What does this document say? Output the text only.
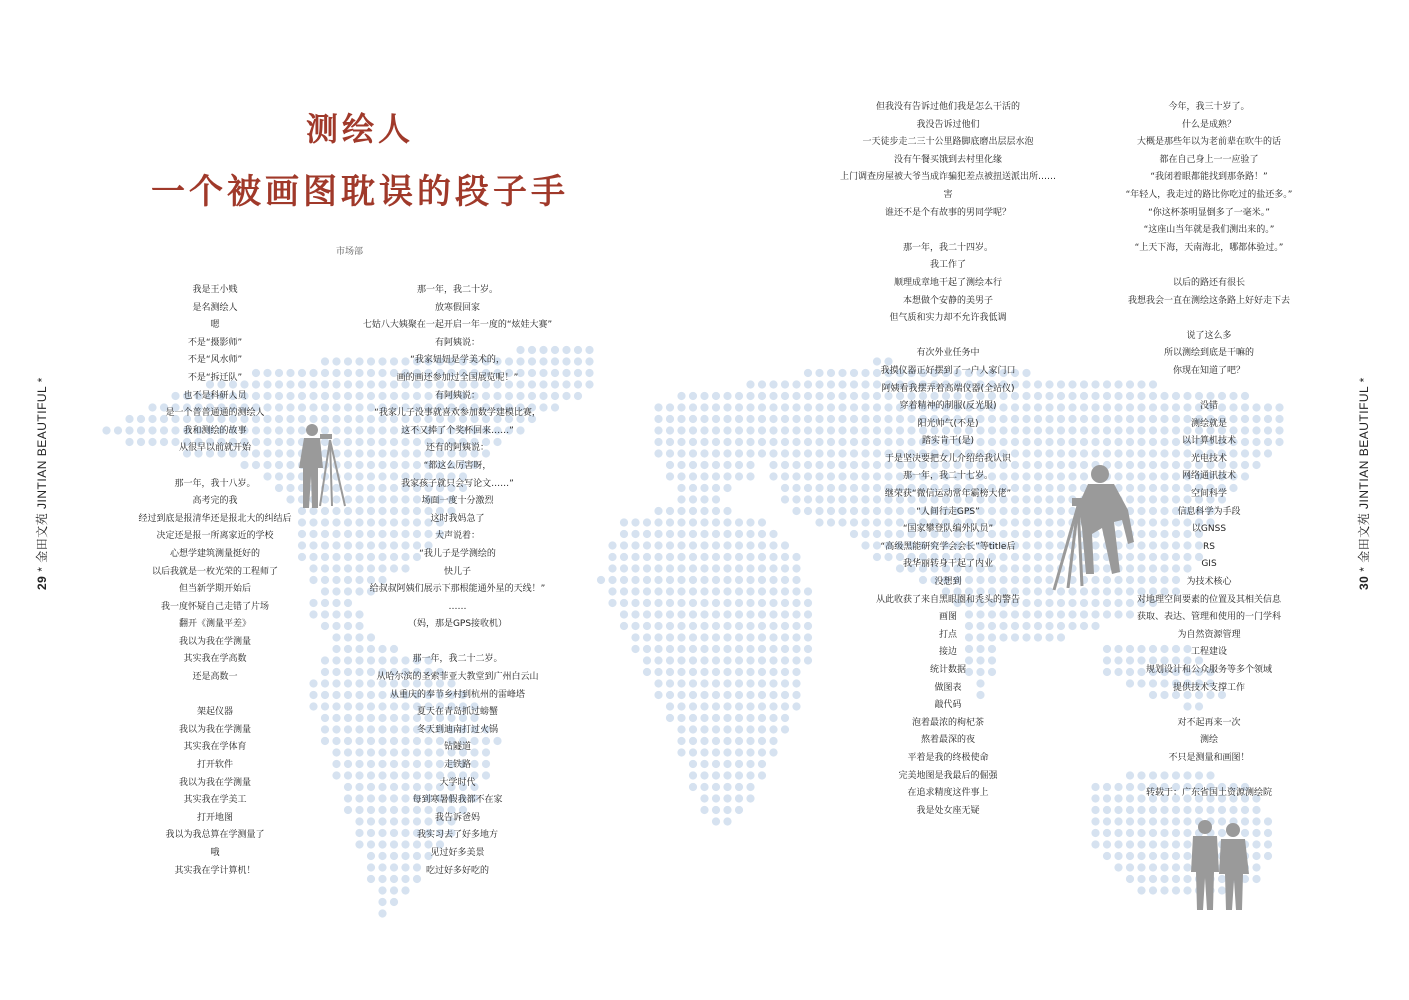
29 * 金田文苑 JINTIAN BEAUTIFUL *
30 * 金田文苑 JINTIAN BEAUTIFUL *
测绘人
一个被画图耽误的段子手
市场部
我是王小贱
是名测绘人
嗯
不是“摄影师”
不是“风水师”
不是“拆迁队”
也不是科研人员
是一个普普通通的测绘人
我和测绘的故事
从很早以前就开始
那一年，我十八岁。
高考完的我
经过到底是报清华还是报北大的纠结后
决定还是报一所离家近的学校
心想学建筑测量挺好的
以后我就是一枚光荣的工程师了
但当新学期开始后
我一度怀疑自己走错了片场
翻开《测量平差》
我以为我在学测量
其实我在学高数
还是高数一
架起仪器
我以为我在学测量
其实我在学体育
打开软件
我以为我在学测量
其实我在学美工
打开地图
我以为我总算在学测量了
哦
其实我在学计算机！
那一年，我二十岁。
放寒假回家
七姑八大姨聚在一起开启一年一度的“炫娃大赛”
有阿姨说：
“我家妞妞是学美术的，
画的画还参加过全国展览呢！”
有阿姨说：
“我家儿子没事就喜欢参加数学建模比赛，
这不又捧了个奖杯回来……”
还有的阿姨说：
“都这么厉害呀，
我家孩子就只会写论文……”
场面一度十分激烈
这时我妈急了
大声说着：
“我儿子是学测绘的
快儿子
给叔叔阿姨们展示下那根能通外星的天线！”
……
（妈，那是GPS接收机）
那一年，我二十二岁。
从哈尔滨的圣索菲亚大教堂到广州白云山
从重庆的奉节乡村到杭州的雷峰塔
夏天在青岛抓过螃蟹
冬天到迪南打过火锅
钻隧道
走铁路
大学时代
每到寒暑假我都不在家
我告诉爸妈
我实习去了好多地方
见过好多美景
吃过好多好吃的
但我没有告诉过他们我是怎么干活的
我没告诉过他们
一天徒步走二三十公里路脚底磨出层层水泡
没有午餐买饿到去村里化缘
上门调查房屋被大爷当成诈骗犯差点被扭送派出所……
害
谁还不是个有故事的男同学呢？
那一年，我二十四岁。
我工作了
顺理成章地干起了测绘本行
本想做个安静的美男子
但气质和实力却不允许我低调
有次外业任务中
我摸仪器正好摆到了一户人家门口
阿姨看我摆弄着高端仪器(全站仪)
穿着精神的制服(反光服)
阳光帅气(不是)
踏实肯干(是)
于是坚决要把女儿介绍给我认识
那一年，我二十七岁。
继荣获“微信运动常年霸榜大佬”
“人间行走GPS”
“国家攀登队编外队员”
“高级黑能研究学会会长”等title后
我华丽转身干起了内业
没想到
从此收获了来自黑眼圈和秃头的警告
画图
打点
接边
统计数据
做图表
敲代码
泡着最浓的枸杞茶
熬着最深的夜
平着是我的终极使命
完美地图是我最后的倔强
在追求精度这件事上
我是处女座无疑
今年，我三十岁了。
什么是成熟？
大概是那些年以为老前辈在吹牛的话
都在自己身上一一应验了
“我闭着眼都能找到那条路！”
“年轻人，我走过的路比你吃过的盐还多。”
“你这杯茶明显倒多了一毫米。”
“这座山当年就是我们测出来的。”
“上天下海，天南海北，哪都体验过。”
以后的路还有很长
我想我会一直在测绘这条路上好好走下去
说了这么多
所以测绘到底是干嘛的
你现在知道了吧？
没错
测绘就是
以计算机技术
光电技术
网络通讯技术
空间科学
信息科学为手段
以GNSS
RS
GIS
为技术核心
对地理空间要素的位置及其相关信息
获取、表达、管理和使用的一门学科
为自然资源管理
工程建设
规划设计和公众服务等多个领域
提供技术支撑工作
对不起再来一次
测绘
不只是测量和画图！
转载于：广东省国土资源测绘院
